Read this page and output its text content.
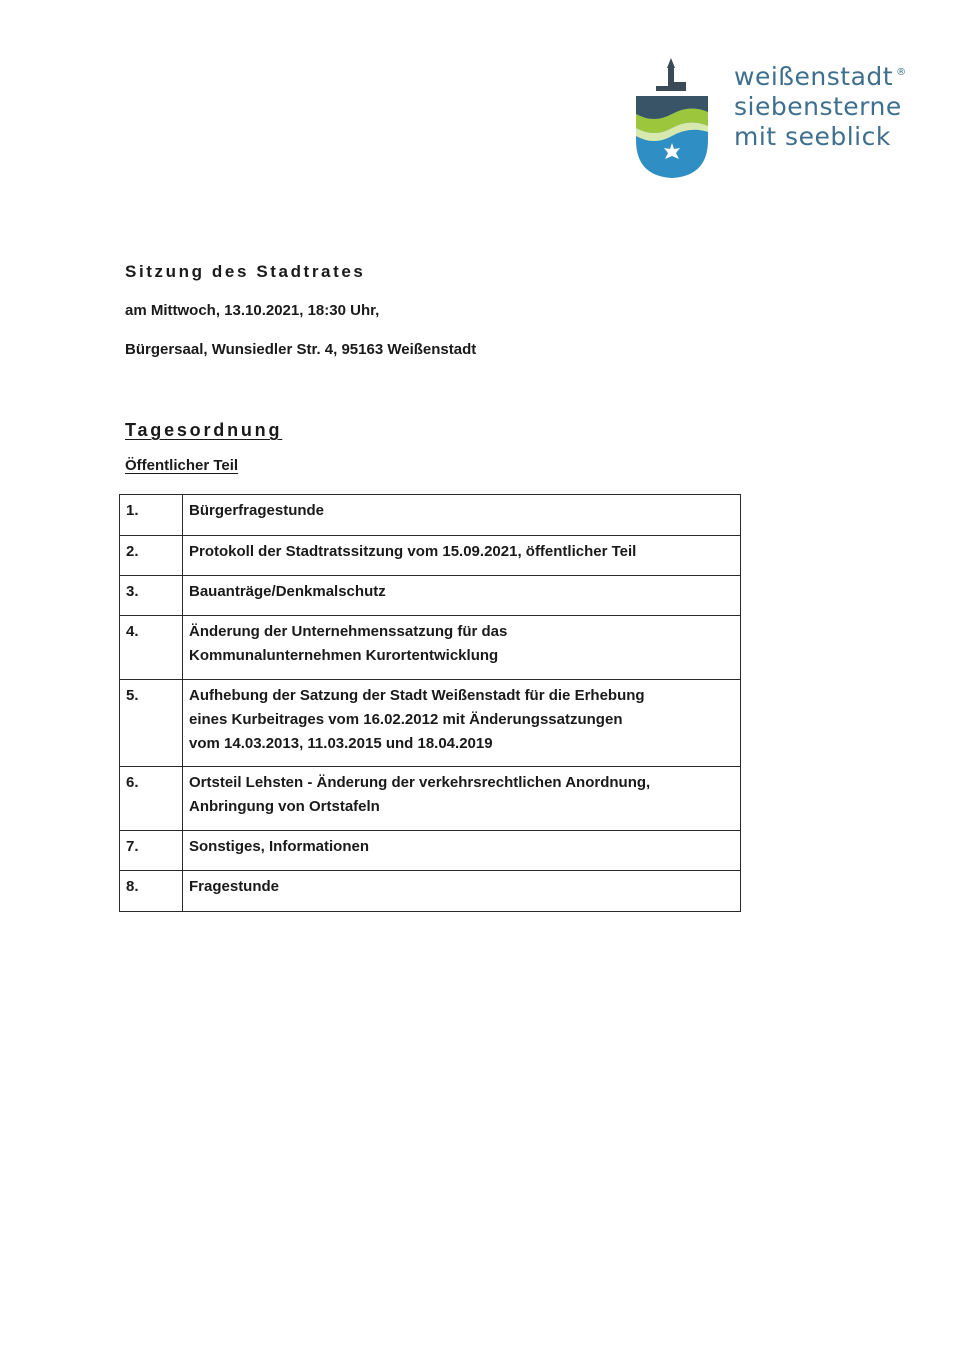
weißenstadt ®
siebensterne
mit seeblick
Sitzung des Stadtrates
am Mittwoch, 13.10.2021, 18:30 Uhr,
Bürgersaal, Wunsiedler Str. 4, 95163 Weißenstadt
Tagesordnung
Öffentlicher Teil
1.	Bürgerfragestunde
2.	Protokoll der Stadtratssitzung vom 15.09.2021, öffentlicher Teil
3.	Bauanträge/Denkmalschutz
4.	Änderung der Unternehmenssatzung für das
Kommunalunternehmen Kurortentwicklung
5.	Aufhebung der Satzung der Stadt Weißenstadt für die Erhebung
eines Kurbeitrages vom 16.02.2012 mit Änderungssatzungen
vom 14.03.2013, 11.03.2015 und 18.04.2019
6.	Ortsteil Lehsten - Änderung der verkehrsrechtlichen Anordnung,
Anbringung von Ortstafeln
7.	Sonstiges, Informationen
8.	Fragestunde
